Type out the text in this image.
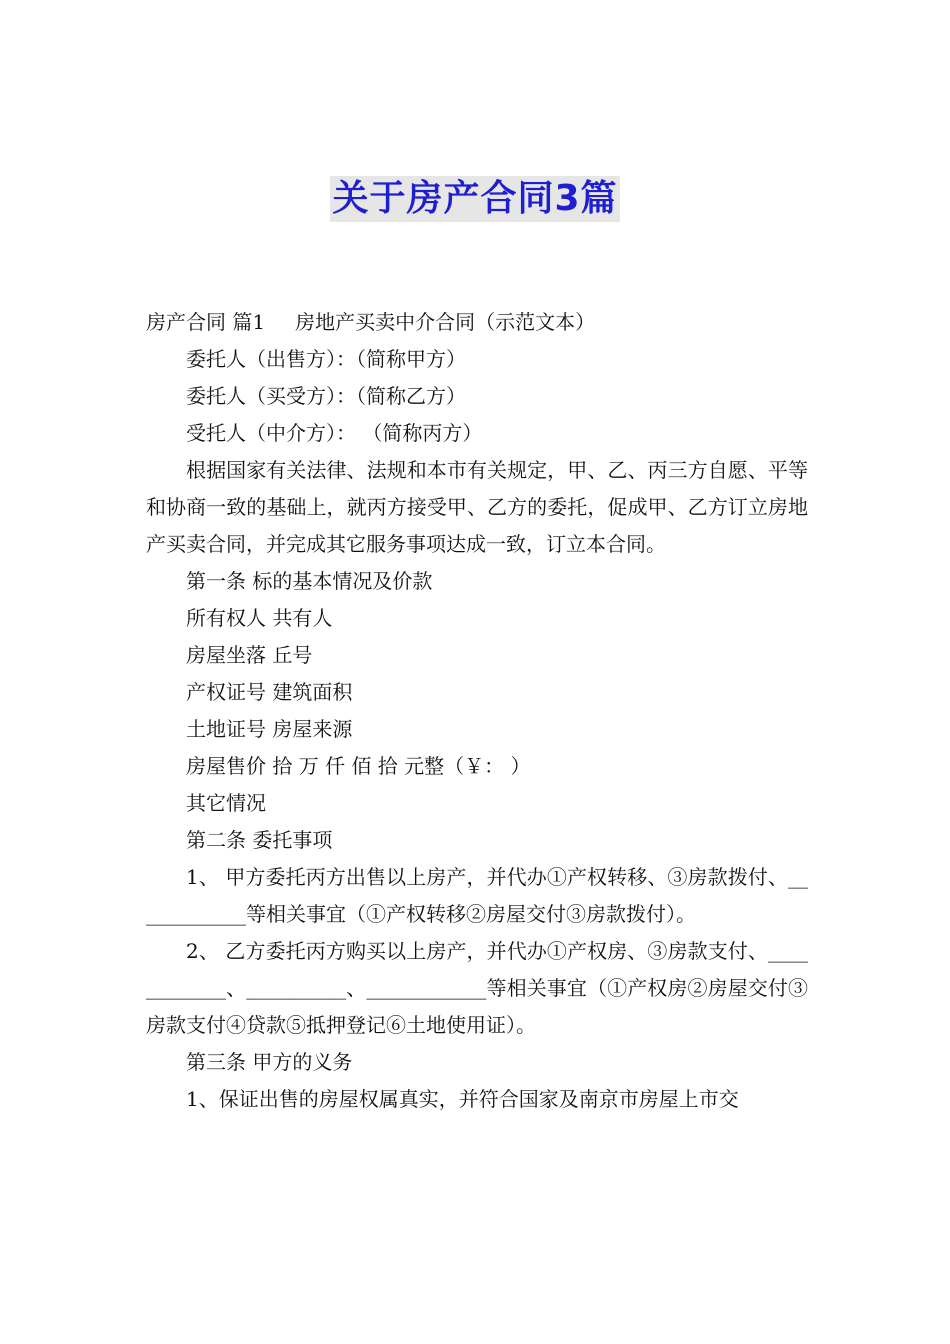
关于房产合同3篇

房产合同 篇1 房地产买卖中介合同（示范文本）

委托人（出售方）：（简称甲方）

委托人（买受方）：（简称乙方）

受托人（中介方）： （简称丙方）

根据国家有关法律、法规和本市有关规定，甲、乙、丙三方自愿、平等和协商一致的基础上，就丙方接受甲、乙方的委托，促成甲、乙方订立房地产买卖合同，并完成其它服务事项达成一致，订立本合同。

第一条 标的基本情况及价款

所有权人 共有人

房屋坐落 丘号

产权证号 建筑面积

土地证号 房屋来源

房屋售价 拾 万 仟 佰 拾 元整（￥： ）

其它情况

第二条 委托事项

1、 甲方委托丙方出售以上房产，并代办①产权转移、③房款拨付、____________等相关事宜（①产权转移②房屋交付③房款拨付）。

2、 乙方委托丙方购买以上房产，并代办①产权房、③房款支付、____________、__________、____________等相关事宜（①产权房②房屋交付③房款支付④贷款⑤抵押登记⑥土地使用证）。

第三条 甲方的义务

1、保证出售的房屋权属真实，并符合国家及南京市房屋上市交
